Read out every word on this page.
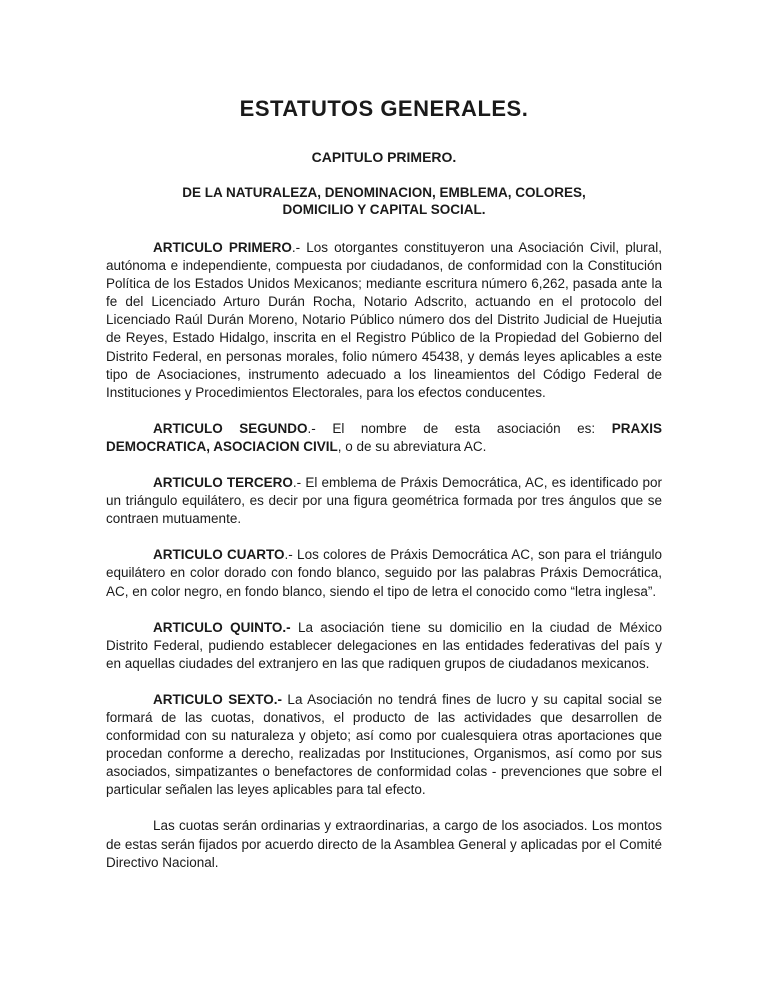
ESTATUTOS GENERALES.
CAPITULO PRIMERO.
DE LA NATURALEZA, DENOMINACION, EMBLEMA, COLORES,
DOMICILIO Y CAPITAL SOCIAL.

ARTICULO PRIMERO.- Los otorgantes constituyeron una Asociación Civil, plural, autónoma e independiente, compuesta por ciudadanos, de conformidad con la Constitución Política de los Estados Unidos Mexicanos; mediante escritura número 6,262, pasada ante la fe del Licenciado Arturo Durán Rocha, Notario Adscrito, actuando en el protocolo del Licenciado Raúl Durán Moreno, Notario Público número dos del Distrito Judicial de Huejutia de Reyes, Estado Hidalgo, inscrita en el Registro Público de la Propiedad del Gobierno del Distrito Federal, en personas morales, folio número 45438, y demás leyes aplicables a este tipo de Asociaciones, instrumento adecuado a los lineamientos del Código Federal de Instituciones y Procedimientos Electorales, para los efectos conducentes.

ARTICULO SEGUNDO.- El nombre de esta asociación es: PRAXIS DEMOCRATICA, ASOCIACION CIVIL, o de su abreviatura AC.

ARTICULO TERCERO.- El emblema de Práxis Democrática, AC, es identificado por un triángulo equilátero, es decir por una figura geométrica formada por tres ángulos que se contraen mutuamente.

ARTICULO CUARTO.- Los colores de Práxis Democrática AC, son para el triángulo equilátero en color dorado con fondo blanco, seguido por las palabras Práxis Democrática, AC, en color negro, en fondo blanco, siendo el tipo de letra el conocido como “letra inglesa”.

ARTICULO QUINTO.- La asociación tiene su domicilio en la ciudad de México Distrito Federal, pudiendo establecer delegaciones en las entidades federativas del país y en aquellas ciudades del extranjero en las que radiquen grupos de ciudadanos mexicanos.

ARTICULO SEXTO.- La Asociación no tendrá fines de lucro y su capital social se formará de las cuotas, donativos, el producto de las actividades que desarrollen de conformidad con su naturaleza y objeto; así como por cualesquiera otras aportaciones que procedan conforme a derecho, realizadas por Instituciones, Organismos, así como por sus asociados, simpatizantes o benefactores de conformidad colas - prevenciones que sobre el particular señalen las leyes aplicables para tal efecto.

Las cuotas serán ordinarias y extraordinarias, a cargo de los asociados. Los montos de estas serán fijados por acuerdo directo de la Asamblea General y aplicadas por el Comité Directivo Nacional.
